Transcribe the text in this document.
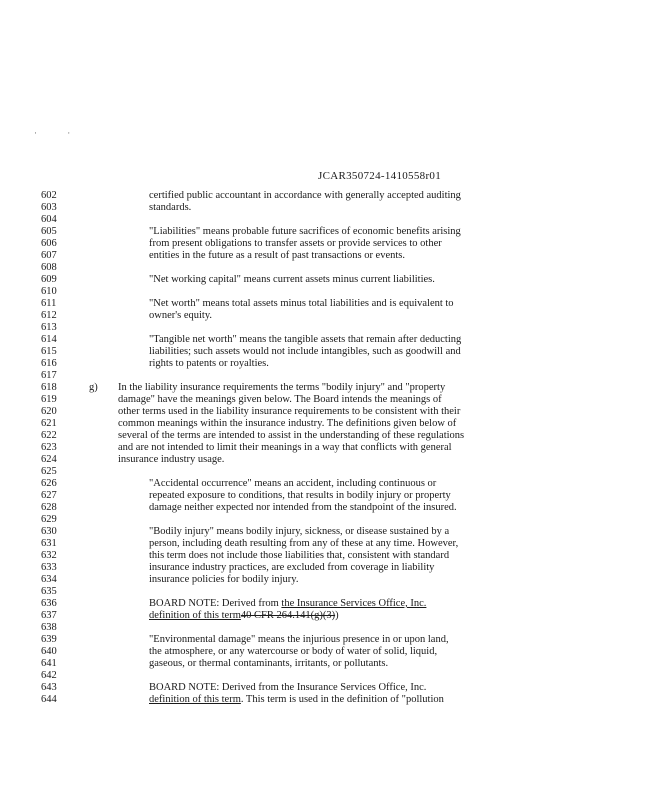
· ·
JCAR350724-1410558r01
602
603
604
605
606
607
608
609
610
611
612
613
614
615
616
617
618
619
620
621
622
623
624
625
626
627
628
629
630
631
632
633
634
635
636
637
638
639
640
641
642
643
644
certified public accountant in accordance with generally accepted auditing
standards.
"Liabilities" means probable future sacrifices of economic benefits arising
from present obligations to transfer assets or provide services to other
entities in the future as a result of past transactions or events.
"Net working capital" means current assets minus current liabilities.
"Net worth" means total assets minus total liabilities and is equivalent to
owner's equity.
"Tangible net worth" means the tangible assets that remain after deducting
liabilities; such assets would not include intangibles, such as goodwill and
rights to patents or royalties.
g) In the liability insurance requirements the terms "bodily injury" and "property
damage" have the meanings given below. The Board intends the meanings of
other terms used in the liability insurance requirements to be consistent with their
common meanings within the insurance industry. The definitions given below of
several of the terms are intended to assist in the understanding of these regulations
and are not intended to limit their meanings in a way that conflicts with general
insurance industry usage.
"Accidental occurrence" means an accident, including continuous or
repeated exposure to conditions, that results in bodily injury or property
damage neither expected nor intended from the standpoint of the insured.
"Bodily injury" means bodily injury, sickness, or disease sustained by a
person, including death resulting from any of these at any time. However,
this term does not include those liabilities that, consistent with standard
insurance industry practices, are excluded from coverage in liability
insurance policies for bodily injury.
BOARD NOTE: Derived from the Insurance Services Office, Inc.
definition of this term40 CFR 264.141(g)(3))
"Environmental damage" means the injurious presence in or upon land,
the atmosphere, or any watercourse or body of water of solid, liquid,
gaseous, or thermal contaminants, irritants, or pollutants.
BOARD NOTE: Derived from the Insurance Services Office, Inc.
definition of this term. This term is used in the definition of "pollution
